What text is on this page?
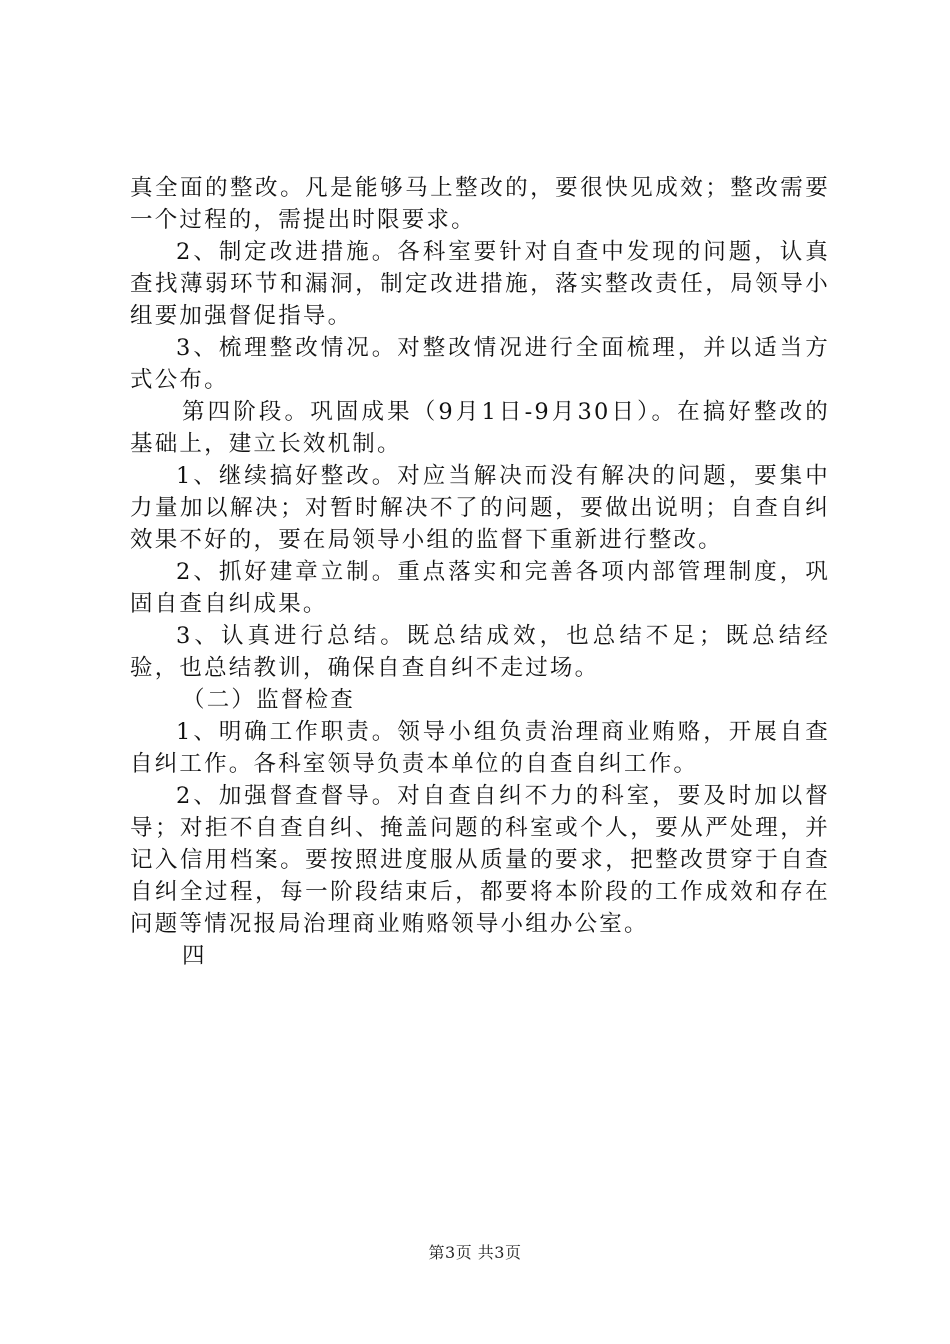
真全面的整改。凡是能够马上整改的，要很快见成效；整改需要一个过程的，需提出时限要求。

2、制定改进措施。各科室要针对自查中发现的问题，认真查找薄弱环节和漏洞，制定改进措施，落实整改责任，局领导小组要加强督促指导。

3、梳理整改情况。对整改情况进行全面梳理，并以适当方式公布。

第四阶段。巩固成果（9月1日-9月30日）。在搞好整改的基础上，建立长效机制。

1、继续搞好整改。对应当解决而没有解决的问题，要集中力量加以解决；对暂时解决不了的问题，要做出说明；自查自纠效果不好的，要在局领导小组的监督下重新进行整改。

2、抓好建章立制。重点落实和完善各项内部管理制度，巩固自查自纠成果。

3、认真进行总结。既总结成效，也总结不足；既总结经验，也总结教训，确保自查自纠不走过场。

（二）监督检查

1、明确工作职责。领导小组负责治理商业贿赂，开展自查自纠工作。各科室领导负责本单位的自查自纠工作。

2、加强督查督导。对自查自纠不力的科室，要及时加以督导；对拒不自查自纠、掩盖问题的科室或个人，要从严处理，并记入信用档案。要按照进度服从质量的要求，把整改贯穿于自查自纠全过程，每一阶段结束后，都要将本阶段的工作成效和存在问题等情况报局治理商业贿赂领导小组办公室。

四

第3页 共3页
